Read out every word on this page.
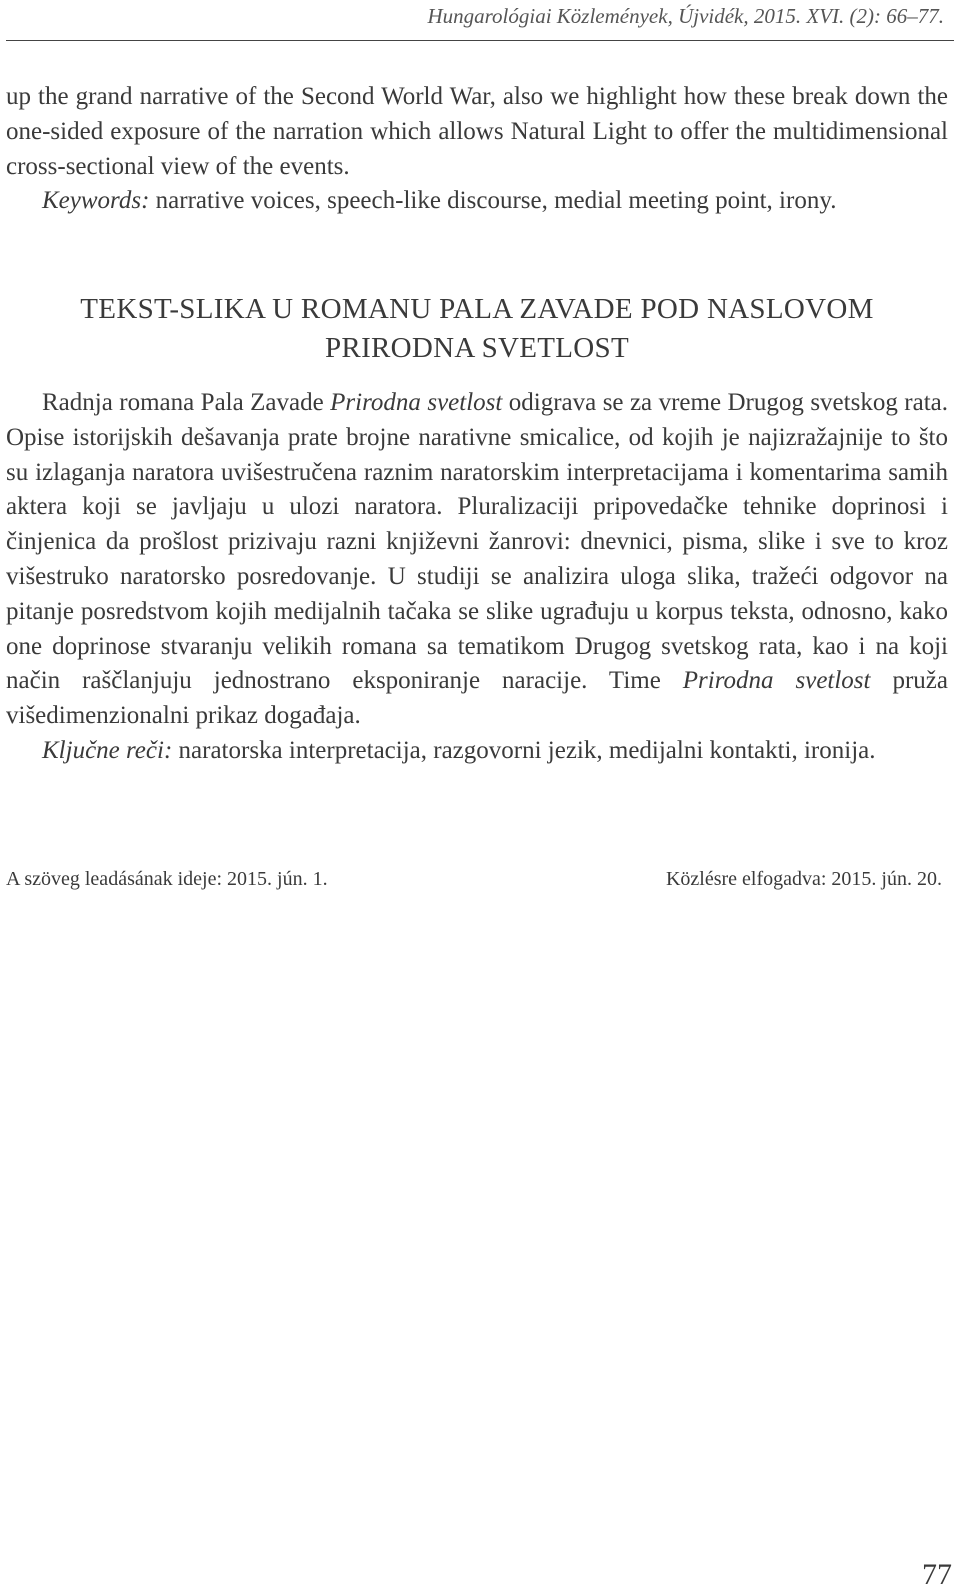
Hungarológiai Közlemények, Újvidék, 2015. XVI. (2): 66–77.

up the grand narrative of the Second World War, also we highlight how these break down the one-sided exposure of the narration which allows Natural Light to offer the multidimensional cross-sectional view of the events.

Keywords: narrative voices, speech-like discourse, medial meeting point, irony.

TEKST-SLIKA U ROMANU PALA ZAVADE POD NASLOVOM
PRIRODNA SVETLOST

Radnja romana Pala Zavade Prirodna svetlost odigrava se za vreme Drugog svetskog rata. Opise istorijskih dešavanja prate brojne narativne smicalice, od kojih je najizražajnije to što su izlaganja naratora uvišestručena raznim naratorskim interpretacijama i komentarima samih aktera koji se javljaju u ulozi naratora. Pluralizaciji pripovedačke tehnike doprinosi i činjenica da prošlost prizivaju razni književni žanrovi: dnevnici, pisma, slike i sve to kroz višestruko naratorsko posredovanje. U studiji se analizira uloga slika, tražeći odgovor na pitanje posredstvom kojih medijalnih tačaka se slike ugrađuju u korpus teksta, odnosno, kako one doprinose stvaranju velikih romana sa tematikom Drugog svetskog rata, kao i na koji način raščlanjuju jednostrano eksponiranje naracije. Time Prirodna svetlost pruža višedimenzionalni prikaz događaja.

Ključne reči: naratorska interpretacija, razgovorni jezik, medijalni kontakti, ironija.

A szöveg leadásának ideje: 2015. jún. 1.	Közlésre elfogadva: 2015. jún. 20.
77
